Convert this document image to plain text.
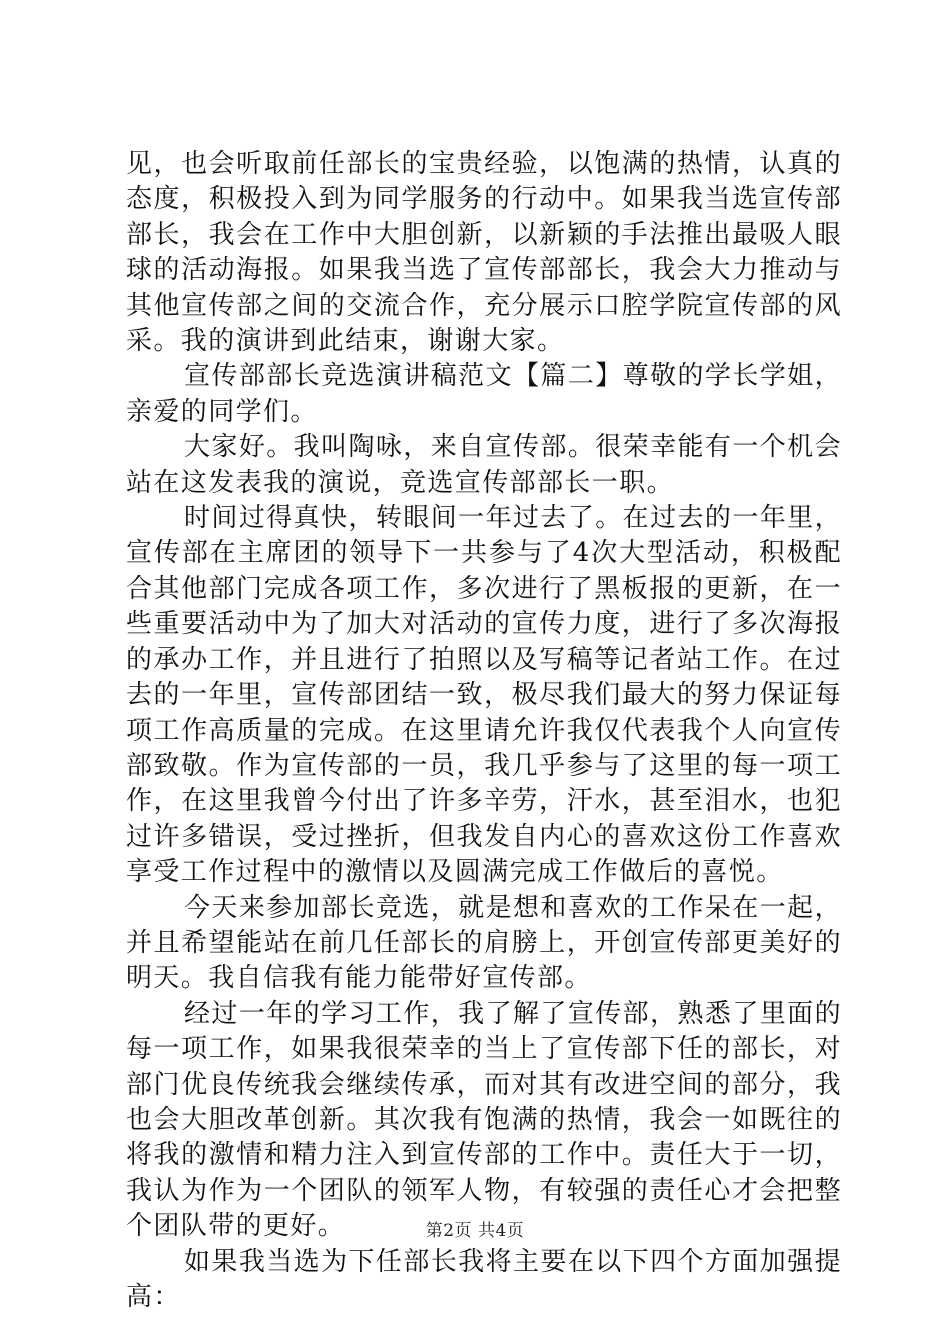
见，也会听取前任部长的宝贵经验，以饱满的热情，认真的态度，积极投入到为同学服务的行动中。如果我当选宣传部部长，我会在工作中大胆创新，以新颖的手法推出最吸人眼球的活动海报。如果我当选了宣传部部长，我会大力推动与其他宣传部之间的交流合作，充分展示口腔学院宣传部的风采。我的演讲到此结束，谢谢大家。

宣传部部长竞选演讲稿范文【篇二】尊敬的学长学姐，亲爱的同学们。

大家好。我叫陶咏，来自宣传部。很荣幸能有一个机会站在这发表我的演说，竞选宣传部部长一职。

时间过得真快，转眼间一年过去了。在过去的一年里，宣传部在主席团的领导下一共参与了4次大型活动，积极配合其他部门完成各项工作，多次进行了黑板报的更新，在一些重要活动中为了加大对活动的宣传力度，进行了多次海报的承办工作，并且进行了拍照以及写稿等记者站工作。在过去的一年里，宣传部团结一致，极尽我们最大的努力保证每项工作高质量的完成。在这里请允许我仅代表我个人向宣传部致敬。作为宣传部的一员，我几乎参与了这里的每一项工作，在这里我曾今付出了许多辛劳，汗水，甚至泪水，也犯过许多错误，受过挫折，但我发自内心的喜欢这份工作喜欢享受工作过程中的激情以及圆满完成工作做后的喜悦。

今天来参加部长竞选，就是想和喜欢的工作呆在一起，并且希望能站在前几任部长的肩膀上，开创宣传部更美好的明天。我自信我有能力能带好宣传部。

经过一年的学习工作，我了解了宣传部，熟悉了里面的每一项工作，如果我很荣幸的当上了宣传部下任的部长，对部门优良传统我会继续传承，而对其有改进空间的部分，我也会大胆改革创新。其次我有饱满的热情，我会一如既往的将我的激情和精力注入到宣传部的工作中。责任大于一切，我认为作为一个团队的领军人物，有较强的责任心才会把整个团队带的更好。

如果我当选为下任部长我将主要在以下四个方面加强提高：

第2页 共4页
